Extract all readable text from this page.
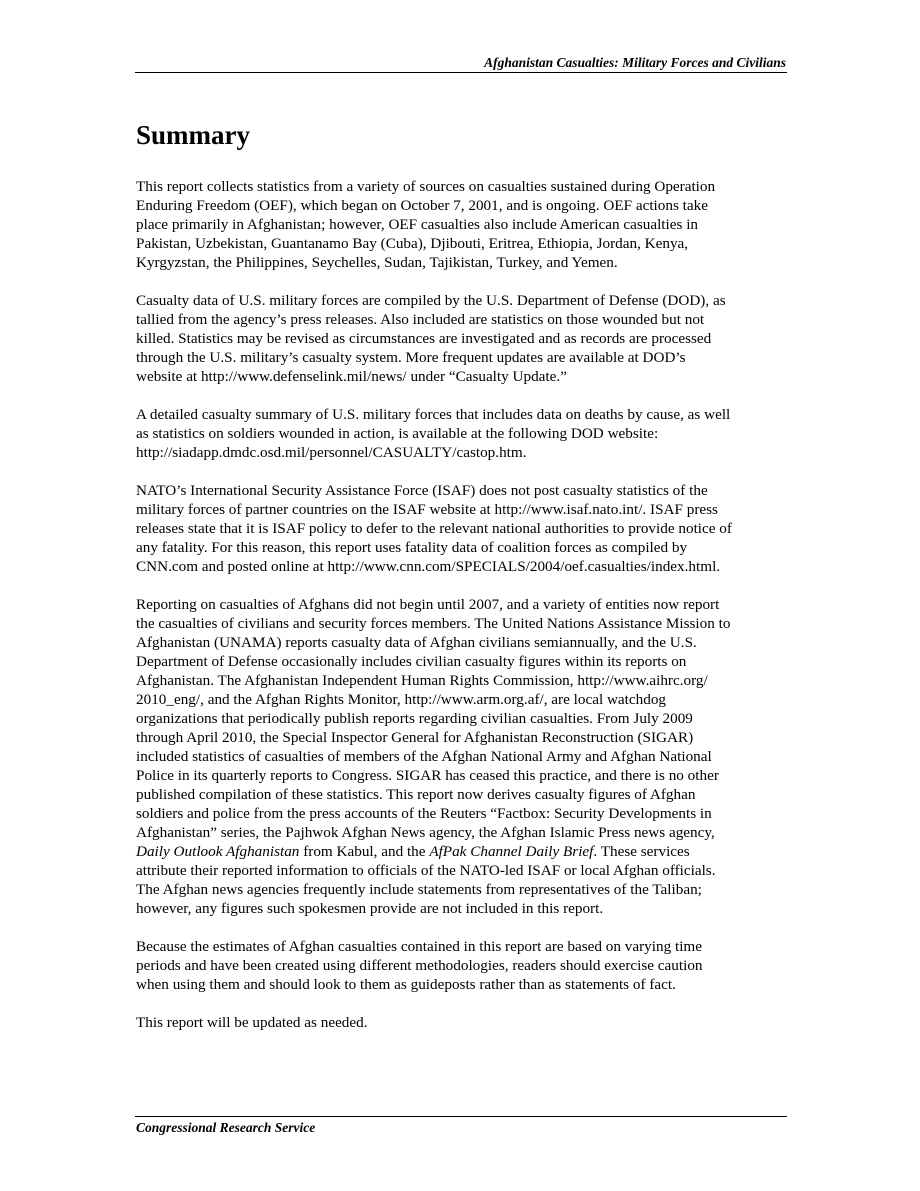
Afghanistan Casualties: Military Forces and Civilians
Summary

This report collects statistics from a variety of sources on casualties sustained during Operation
Enduring Freedom (OEF), which began on October 7, 2001, and is ongoing. OEF actions take
place primarily in Afghanistan; however, OEF casualties also include American casualties in
Pakistan, Uzbekistan, Guantanamo Bay (Cuba), Djibouti, Eritrea, Ethiopia, Jordan, Kenya,
Kyrgyzstan, the Philippines, Seychelles, Sudan, Tajikistan, Turkey, and Yemen.

Casualty data of U.S. military forces are compiled by the U.S. Department of Defense (DOD), as
tallied from the agency’s press releases. Also included are statistics on those wounded but not
killed. Statistics may be revised as circumstances are investigated and as records are processed
through the U.S. military’s casualty system. More frequent updates are available at DOD’s
website at http://www.defenselink.mil/news/ under “Casualty Update.”

A detailed casualty summary of U.S. military forces that includes data on deaths by cause, as well
as statistics on soldiers wounded in action, is available at the following DOD website:
http://siadapp.dmdc.osd.mil/personnel/CASUALTY/castop.htm.

NATO’s International Security Assistance Force (ISAF) does not post casualty statistics of the
military forces of partner countries on the ISAF website at http://www.isaf.nato.int/. ISAF press
releases state that it is ISAF policy to defer to the relevant national authorities to provide notice of
any fatality. For this reason, this report uses fatality data of coalition forces as compiled by
CNN.com and posted online at http://www.cnn.com/SPECIALS/2004/oef.casualties/index.html.

Reporting on casualties of Afghans did not begin until 2007, and a variety of entities now report
the casualties of civilians and security forces members. The United Nations Assistance Mission to
Afghanistan (UNAMA) reports casualty data of Afghan civilians semiannually, and the U.S.
Department of Defense occasionally includes civilian casualty figures within its reports on
Afghanistan. The Afghanistan Independent Human Rights Commission, http://www.aihrc.org/
2010_eng/, and the Afghan Rights Monitor, http://www.arm.org.af/, are local watchdog
organizations that periodically publish reports regarding civilian casualties. From July 2009
through April 2010, the Special Inspector General for Afghanistan Reconstruction (SIGAR)
included statistics of casualties of members of the Afghan National Army and Afghan National
Police in its quarterly reports to Congress. SIGAR has ceased this practice, and there is no other
published compilation of these statistics. This report now derives casualty figures of Afghan
soldiers and police from the press accounts of the Reuters “Factbox: Security Developments in
Afghanistan” series, the Pajhwok Afghan News agency, the Afghan Islamic Press news agency,
Daily Outlook Afghanistan from Kabul, and the AfPak Channel Daily Brief. These services
attribute their reported information to officials of the NATO-led ISAF or local Afghan officials.
The Afghan news agencies frequently include statements from representatives of the Taliban;
however, any figures such spokesmen provide are not included in this report.

Because the estimates of Afghan casualties contained in this report are based on varying time
periods and have been created using different methodologies, readers should exercise caution
when using them and should look to them as guideposts rather than as statements of fact.

This report will be updated as needed.

Congressional Research Service
